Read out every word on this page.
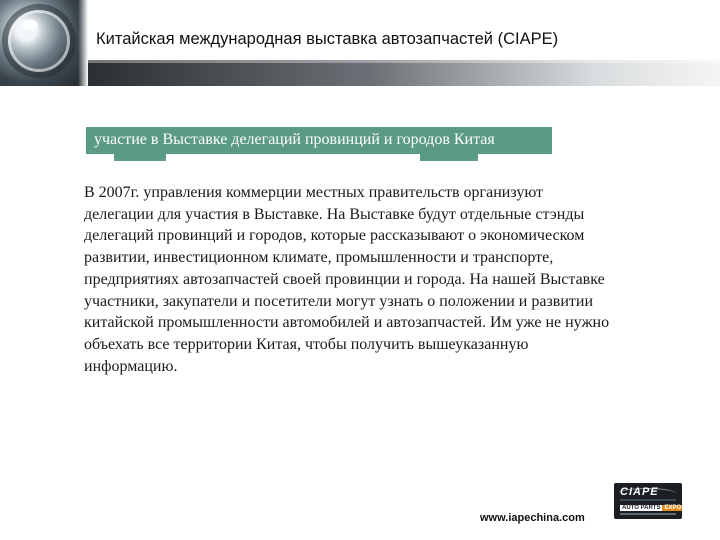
Китайская международная выставка автозапчастей (CIAPE)

участие в Выставке делегаций провинций и городов Китая

В 2007г. управления коммерции местных правительств организуют
делегации для участия в Выставке. На Выставке будут отдельные стэнды
делегаций провинций и городов, которые рассказывают о экономическом
развитии, инвестиционном климате, промышленности и транспорте,
предприятиях автозапчастей своей провинции и города. На нашей Выставке
участники, закупатели и посетители могут узнать о положении и развитии
китайской промышленности автомобилей и автозапчастей. Им уже не нужно
объехать все территории Китая, чтобы получить вышеуказанную
информацию.

www.iapechina.com

CIAPE
AUTO PARTS EXPO
